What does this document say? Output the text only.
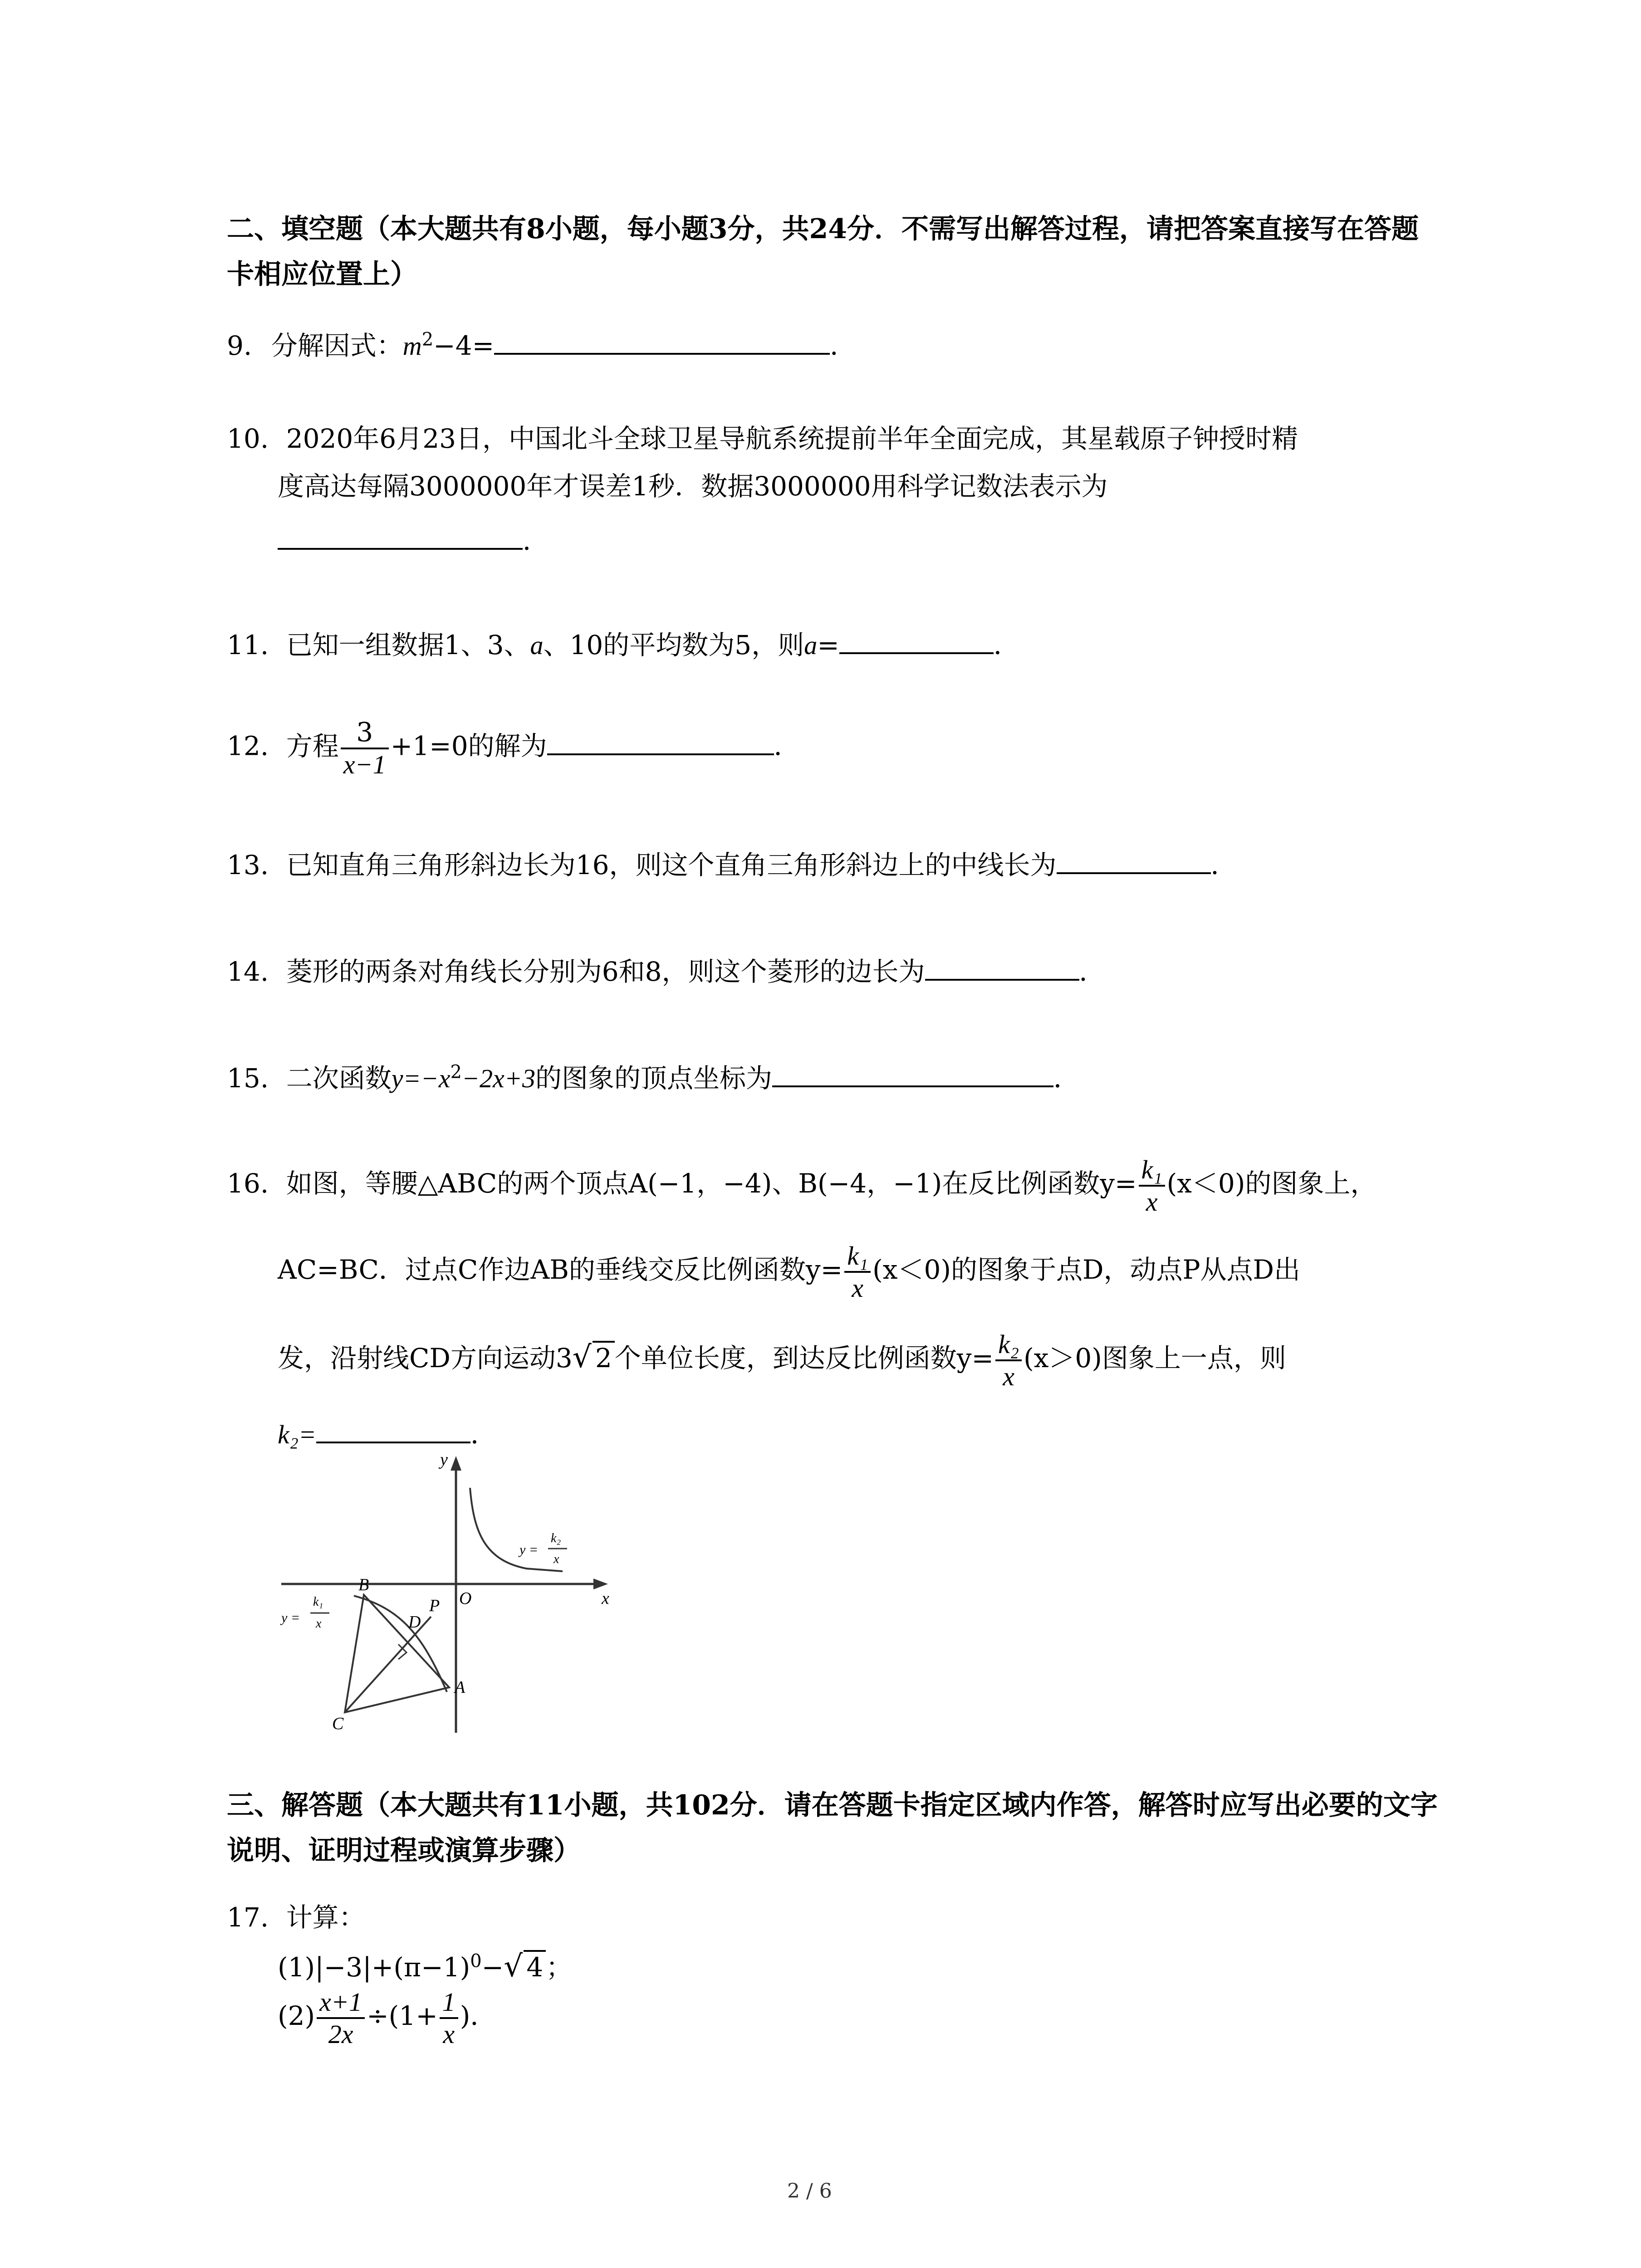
二、填空题（本大题共有8小题，每小题3分，共24分．不需写出解答过程，请把答案直接写在答题卡相应位置上）
9. 分解因式：$m^2-4=$	．
10. 2020年6月23日，中国北斗全球卫星导航系统提前半年全面完成，其星载原子钟授时精
度高达每隔3000000年才误差1秒．数据3000000用科学记数法表示为
．
11. 已知一组数据1、3、a、10的平均数为5，则a=	．
12. 方程 $\frac{3}{x-1} +1=0$的解为	．
13. 已知直角三角形斜边长为16，则这个直角三角形斜边上的中线长为	．
14. 菱形的两条对角线长分别为6和8，则这个菱形的边长为	．
15. 二次函数$y=-x^2-2x+3$的图象的顶点坐标为	．
16. 如图，等腰△ABC的两个顶点A(−1，−4)、B(−4，−1)在反比例函数$y= \frac{\text{k₁}}{x} (x<0)$的图象上，
AC=BC．过点C作边AB的垂线交反比例函数$y= \frac{\text{k₁}}{x} (x<0)$的图象于点D，动点P从点D出
发，沿射线CD方向运动3√ 2 个单位长度，到达反比例函数$y= \frac{\text{k₂}}{x} (x>0)$图象上一点，则
k₂=	．
y
x
O
y =
k₂
x
y =
k₁
x
B
P
D
A
C
三、解答题（本大题共有11小题，共102分．请在答题卡指定区域内作答，解答时应写出必要的文字说明、证明过程或演算步骤）
17. 计算：
$(1)|-3|+(\pi-1)^0-√$ 4 ；
$(2) \frac{x+1}{2x} \div(1+ \frac{1}{x}$ )．
2 / 6
